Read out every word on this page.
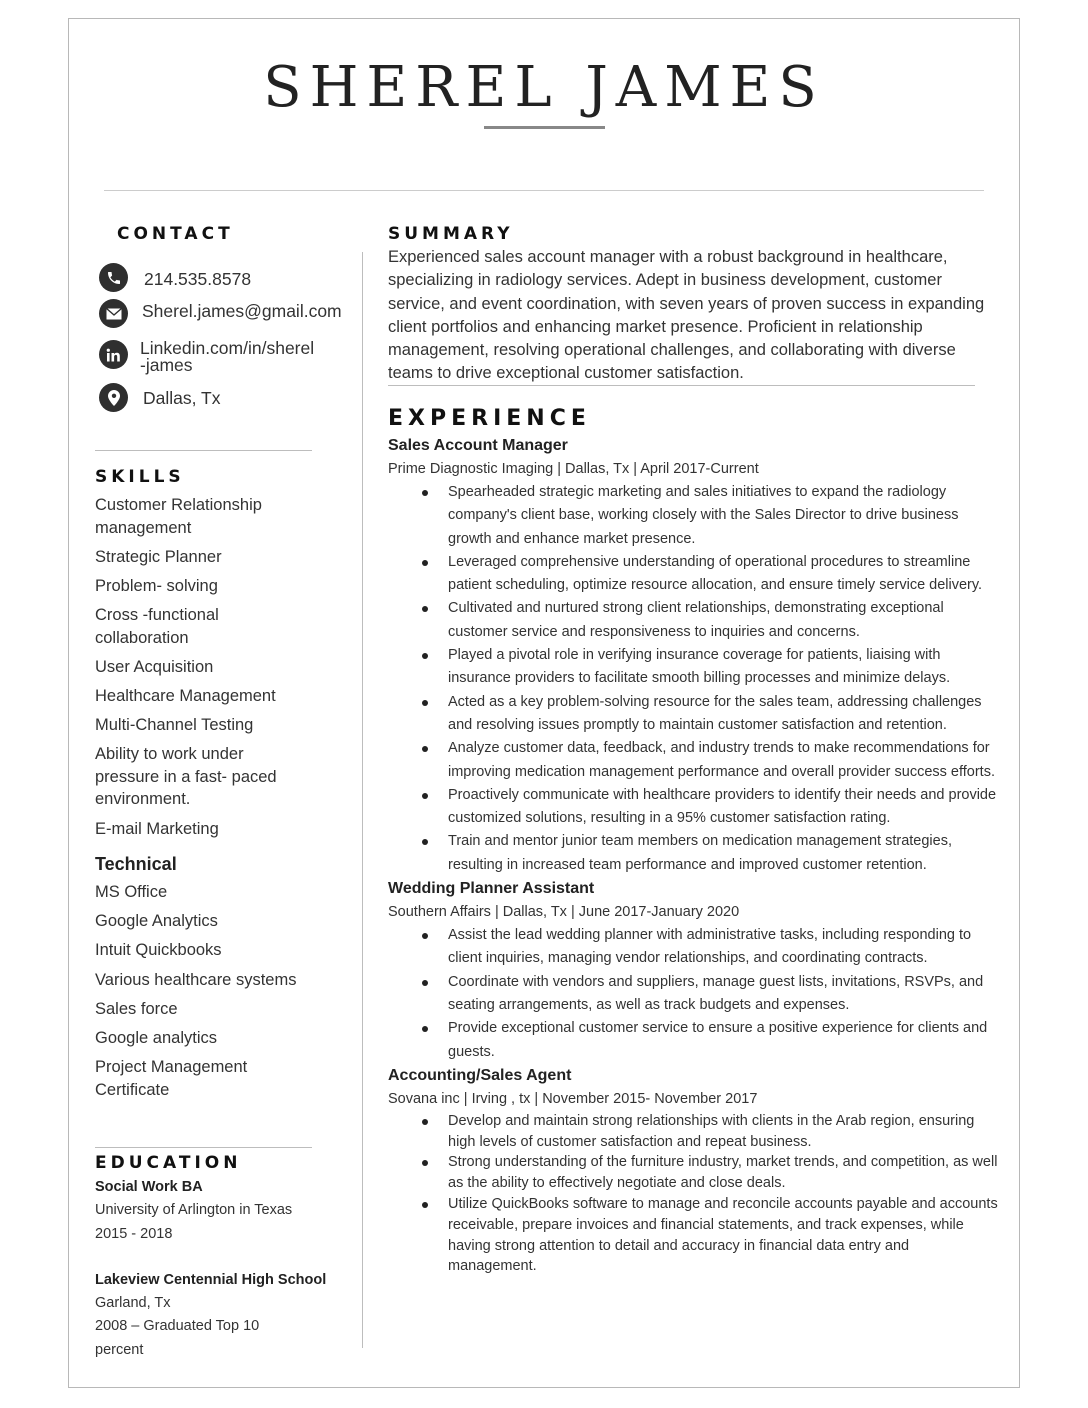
SHEREL JAMES
CONTACT
214.535.8578
Sherel.james@gmail.com
Linkedin.com/in/sherel
-james
Dallas, Tx
SKILLS
Customer Relationship management
Strategic Planner
Problem- solving
Cross -functional collaboration
User Acquisition
Healthcare Management
Multi-Channel Testing
Ability to work under pressure in a fast- paced environment.
E-mail Marketing
Technical
MS Office
Google Analytics
Intuit Quickbooks
Various healthcare systems
Sales force
Google analytics
Project Management Certificate
EDUCATION
Social Work BA
University of Arlington in Texas
2015 - 2018
Lakeview Centennial High School
Garland, Tx
2008 – Graduated Top 10 percent
SUMMARY
Experienced sales account manager with a robust background in healthcare, specializing in radiology services. Adept in business development, customer service, and event coordination, with seven years of proven success in expanding client portfolios and enhancing market presence. Proficient in relationship management, resolving operational challenges, and collaborating with diverse teams to drive exceptional customer satisfaction.
EXPERIENCE
Sales Account Manager
Prime Diagnostic Imaging | Dallas, Tx | April 2017-Current
Spearheaded strategic marketing and sales initiatives to expand the radiology company's client base, working closely with the Sales Director to drive business growth and enhance market presence.
Leveraged comprehensive understanding of operational procedures to streamline patient scheduling, optimize resource allocation, and ensure timely service delivery.
Cultivated and nurtured strong client relationships, demonstrating exceptional customer service and responsiveness to inquiries and concerns.
Played a pivotal role in verifying insurance coverage for patients, liaising with insurance providers to facilitate smooth billing processes and minimize delays.
Acted as a key problem-solving resource for the sales team, addressing challenges and resolving issues promptly to maintain customer satisfaction and retention.
Analyze customer data, feedback, and industry trends to make recommendations for improving medication management performance and overall provider success efforts.
Proactively communicate with healthcare providers to identify their needs and provide customized solutions, resulting in a 95% customer satisfaction rating.
Train and mentor junior team members on medication management strategies, resulting in increased team performance and improved customer retention.
Wedding Planner Assistant
Southern Affairs | Dallas, Tx | June 2017-January 2020
Assist the lead wedding planner with administrative tasks, including responding to client inquiries, managing vendor relationships, and coordinating contracts.
Coordinate with vendors and suppliers, manage guest lists, invitations, RSVPs, and seating arrangements, as well as track budgets and expenses.
Provide exceptional customer service to ensure a positive experience for clients and guests.
Accounting/Sales Agent
Sovana inc | Irving , tx | November 2015- November 2017
Develop and maintain strong relationships with clients in the Arab region, ensuring high levels of customer satisfaction and repeat business.
Strong understanding of the furniture industry, market trends, and competition, as well as the ability to effectively negotiate and close deals.
Utilize QuickBooks software to manage and reconcile accounts payable and accounts receivable, prepare invoices and financial statements, and track expenses, while having strong attention to detail and accuracy in financial data entry and management.
